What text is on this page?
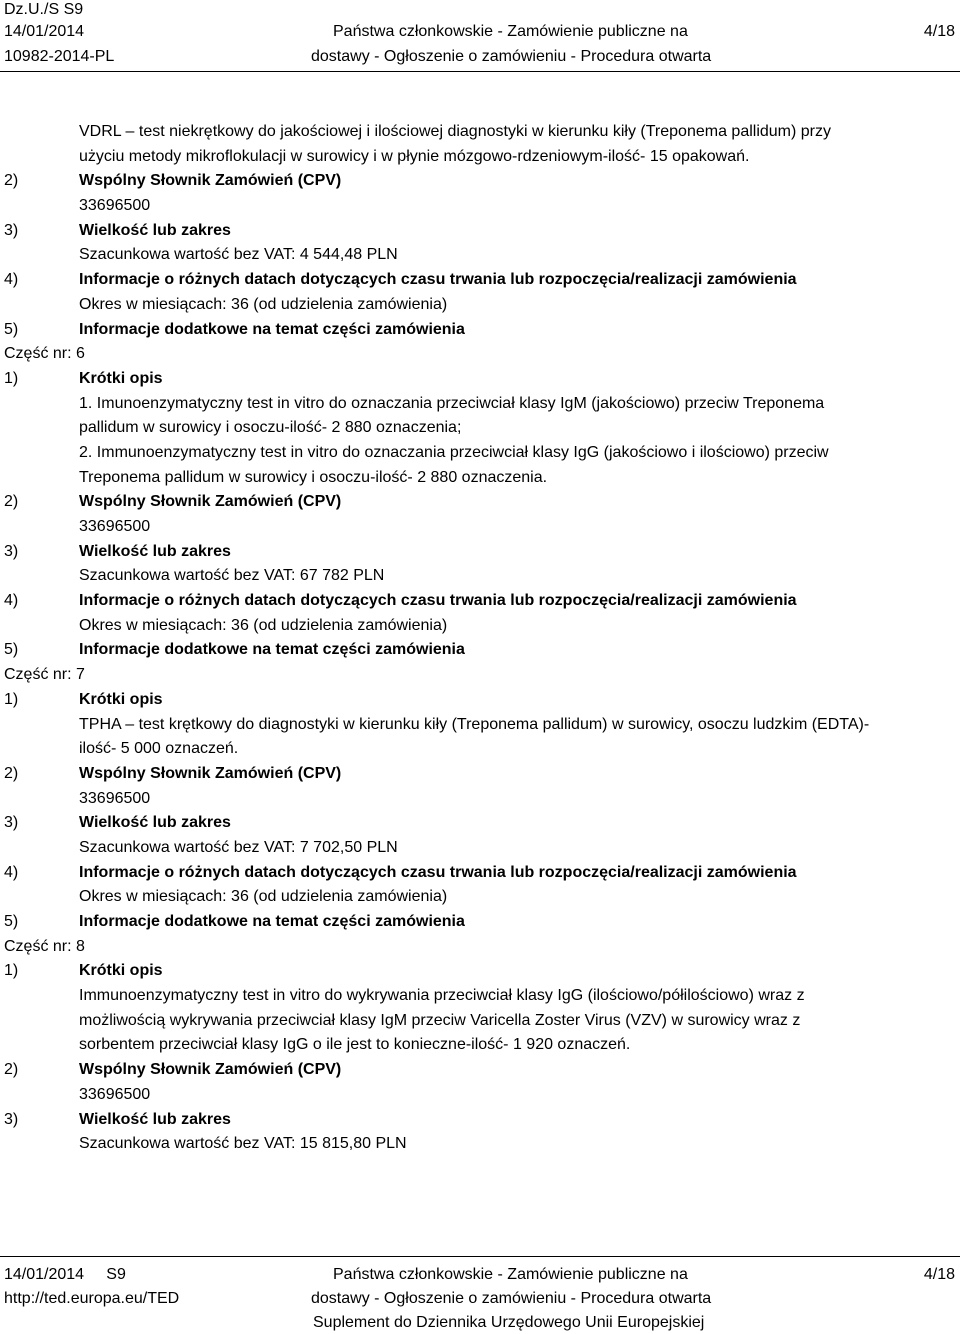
Dz.U./S S9
14/01/2014
10982-2014-PL
Państwa członkowskie - Zamówienie publiczne na
dostawy - Ogłoszenie o zamówieniu - Procedura otwarta
4/18
VDRL – test niekrętkowy do jakościowej i ilościowej diagnostyki w kierunku kiły (Treponema pallidum) przy
użyciu metody mikroflokulacji w surowicy i w płynie mózgowo-rdzeniowym-ilość- 15 opakowań.
2)	Wspólny Słownik Zamówień (CPV)
33696500
3)	Wielkość lub zakres
Szacunkowa wartość bez VAT: 4 544,48 PLN
4)	Informacje o różnych datach dotyczących czasu trwania lub rozpoczęcia/realizacji zamówienia
Okres w miesiącach: 36 (od udzielenia zamówienia)
5)	Informacje dodatkowe na temat części zamówienia
Część nr: 6
1)	Krótki opis
1. Imunoenzymatyczny test in vitro do oznaczania przeciwciał klasy IgM (jakościowo) przeciw Treponema
pallidum w surowicy i osoczu-ilość- 2 880 oznaczenia;
2. Immunoenzymatyczny test in vitro do oznaczania przeciwciał klasy IgG (jakościowo i ilościowo) przeciw
Treponema pallidum w surowicy i osoczu-ilość- 2 880 oznaczenia.
2)	Wspólny Słownik Zamówień (CPV)
33696500
3)	Wielkość lub zakres
Szacunkowa wartość bez VAT: 67 782 PLN
4)	Informacje o różnych datach dotyczących czasu trwania lub rozpoczęcia/realizacji zamówienia
Okres w miesiącach: 36 (od udzielenia zamówienia)
5)	Informacje dodatkowe na temat części zamówienia
Część nr: 7
1)	Krótki opis
TPHA – test krętkowy do diagnostyki w kierunku kiły (Treponema pallidum) w surowicy, osoczu ludzkim (EDTA)-
ilość- 5 000 oznaczeń.
2)	Wspólny Słownik Zamówień (CPV)
33696500
3)	Wielkość lub zakres
Szacunkowa wartość bez VAT: 7 702,50 PLN
4)	Informacje o różnych datach dotyczących czasu trwania lub rozpoczęcia/realizacji zamówienia
Okres w miesiącach: 36 (od udzielenia zamówienia)
5)	Informacje dodatkowe na temat części zamówienia
Część nr: 8
1)	Krótki opis
Immunoenzymatyczny test in vitro do wykrywania przeciwciał klasy IgG (ilościowo/półilościowo) wraz z
możliwością wykrywania przeciwciał klasy IgM przeciw Varicella Zoster Virus (VZV) w surowicy wraz z
sorbentem przeciwciał klasy IgG o ile jest to konieczne-ilość- 1 920 oznaczeń.
2)	Wspólny Słownik Zamówień (CPV)
33696500
3)	Wielkość lub zakres
Szacunkowa wartość bez VAT: 15 815,80 PLN
14/01/2014     S9
http://ted.europa.eu/TED
Państwa członkowskie - Zamówienie publiczne na
dostawy - Ogłoszenie o zamówieniu - Procedura otwarta
Suplement do Dziennika Urzędowego Unii Europejskiej
4/18
